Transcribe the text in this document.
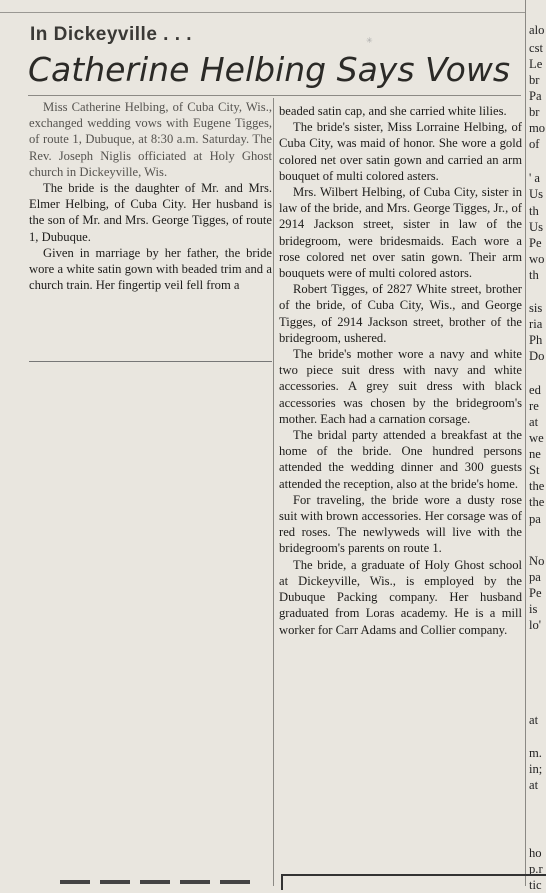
In Dickeyville . . .	✳
Catherine Helbing Says Vows

Miss Catherine Helbing, of Cuba City, Wis., exchanged wedding vows with Eugene Tigges, of route 1, Dubuque, at 8:30 a.m. Saturday. The Rev. Joseph Niglis officiated at Holy Ghost church in Dickeyville, Wis.

The bride is the daughter of Mr. and Mrs. Elmer Helbing, of Cuba City. Her husband is the son of Mr. and Mrs. George Tigges, of route 1, Dubuque.

Given in marriage by her father, the bride wore a white satin gown with beaded trim and a church train. Her fingertip veil fell from a

beaded satin cap, and she carried white lilies.

The bride's sister, Miss Lorraine Helbing, of Cuba City, was maid of honor. She wore a gold colored net over satin gown and carried an arm bouquet of multi colored asters.

Mrs. Wilbert Helbing, of Cuba City, sister in law of the bride, and Mrs. George Tigges, Jr., of 2914 Jackson street, sister in law of the bridegroom, were bridesmaids. Each wore a rose colored net over satin gown. Their arm bouquets were of multi colored astors.

Robert Tigges, of 2827 White street, brother of the bride, of Cuba City, Wis., and George Tigges, of 2914 Jackson street, brother of the bridegroom, ushered.

The bride's mother wore a navy and white two piece suit dress with navy and white accessories. A grey suit dress with black accessories was chosen by the bridegroom's mother. Each had a carnation corsage.

The bridal party attended a breakfast at the home of the bride. One hundred persons attended the wedding dinner and 300 guests attended the reception, also at the bride's home.

For traveling, the bride wore a dusty rose suit with brown accessories. Her corsage was of red roses. The newlyweds will live with the bridegroom's parents on route 1.

The bride, a graduate of Holy Ghost school at Dickeyville, Wis., is employed by the Dubuque Packing company. Her husband graduated from Loras academy. He is a mill worker for Carr Adams and Collier company.

alo
cst
Le
br
Pa
br
mo
of
' a
Us
th
Us
Pe
wo
th
sis
ria
Ph
Do
ed
re
at
we
ne
St
the
the
pa
No
pa
Pe
is
lo'
at
m.
in;
at
ho
p.r
tic
